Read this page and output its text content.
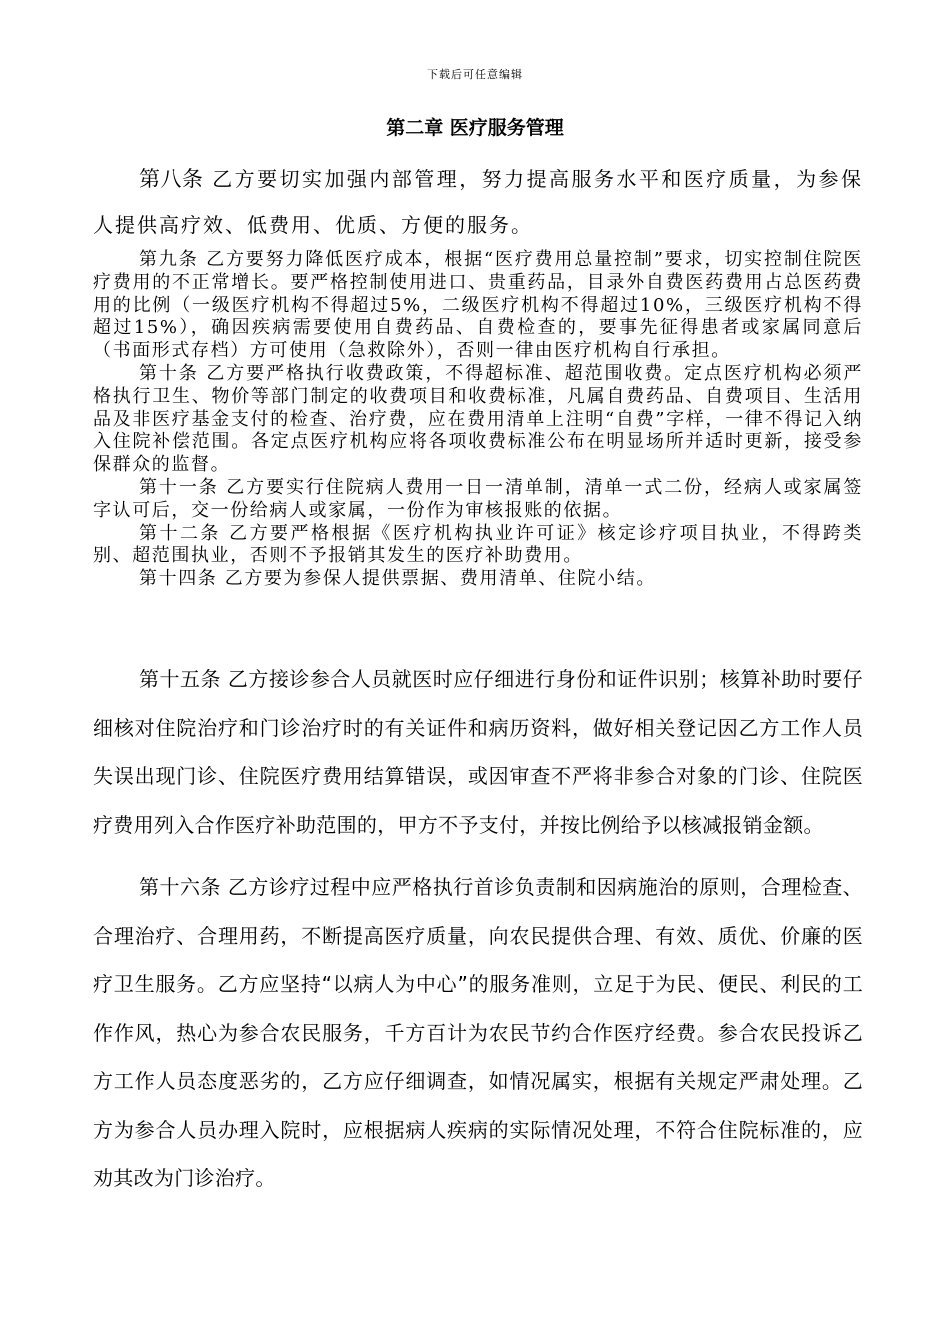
下载后可任意编辑
第二章 医疗服务管理

第八条 乙方要切实加强内部管理，努力提高服务水平和医疗质量，为参保人提供高疗效、低费用、优质、方便的服务。

第九条 乙方要努力降低医疗成本，根据“医疗费用总量控制”要求，切实控制住院医疗费用的不正常增长。要严格控制使用进口、贵重药品，目录外自费医药费用占总医药费用的比例（一级医疗机构不得超过5%，二级医疗机构不得超过10%，三级医疗机构不得超过15%），确因疾病需要使用自费药品、自费检查的，要事先征得患者或家属同意后（书面形式存档）方可使用（急救除外），否则一律由医疗机构自行承担。

第十条 乙方要严格执行收费政策，不得超标准、超范围收费。定点医疗机构必须严格执行卫生、物价等部门制定的收费项目和收费标准，凡属自费药品、自费项目、生活用品及非医疗基金支付的检查、治疗费，应在费用清单上注明“自费”字样，一律不得记入纳入住院补偿范围。各定点医疗机构应将各项收费标准公布在明显场所并适时更新，接受参保群众的监督。

第十一条 乙方要实行住院病人费用一日一清单制，清单一式二份，经病人或家属签字认可后，交一份给病人或家属，一份作为审核报账的依据。

第十二条 乙方要严格根据《医疗机构执业许可证》核定诊疗项目执业，不得跨类别、超范围执业，否则不予报销其发生的医疗补助费用。

第十四条 乙方要为参保人提供票据、费用清单、住院小结。

第十五条 乙方接诊参合人员就医时应仔细进行身份和证件识别；核算补助时要仔细核对住院治疗和门诊治疗时的有关证件和病历资料，做好相关登记因乙方工作人员失误出现门诊、住院医疗费用结算错误，或因审查不严将非参合对象的门诊、住院医疗费用列入合作医疗补助范围的，甲方不予支付，并按比例给予以核减报销金额。

第十六条 乙方诊疗过程中应严格执行首诊负责制和因病施治的原则，合理检查、合理治疗、合理用药，不断提高医疗质量，向农民提供合理、有效、质优、价廉的医疗卫生服务。乙方应坚持“以病人为中心”的服务准则，立足于为民、便民、利民的工作作风，热心为参合农民服务，千方百计为农民节约合作医疗经费。参合农民投诉乙方工作人员态度恶劣的，乙方应仔细调查，如情况属实，根据有关规定严肃处理。乙方为参合人员办理入院时，应根据病人疾病的实际情况处理，不符合住院标准的，应劝其改为门诊治疗。
